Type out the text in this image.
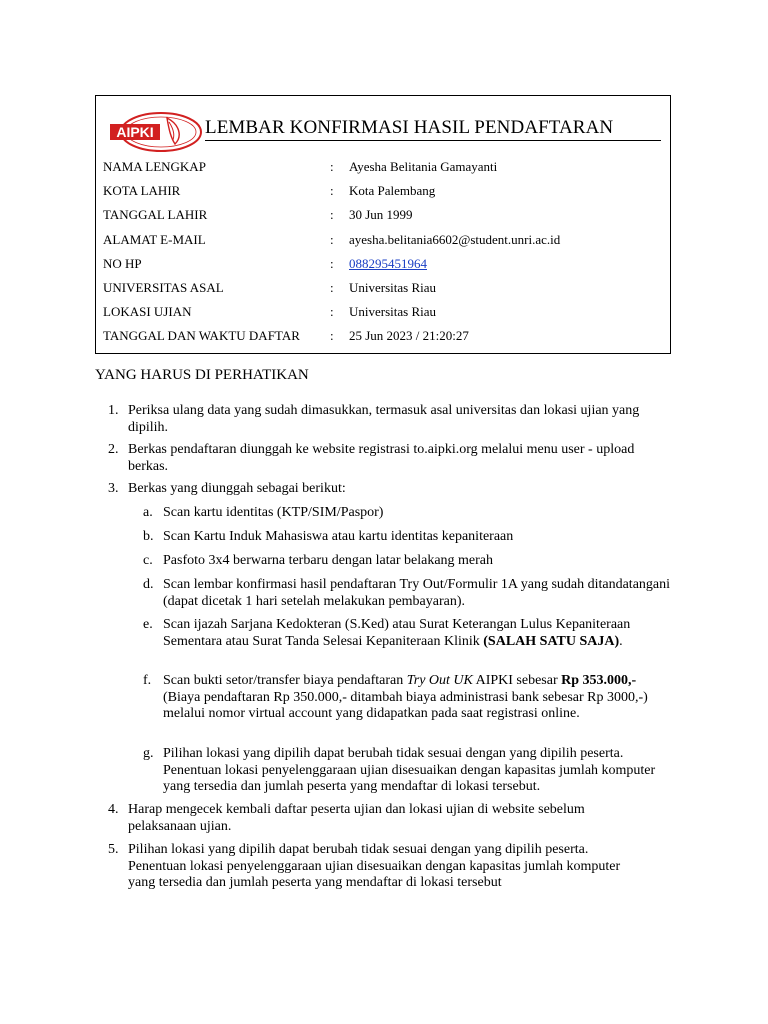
AIPKI	LEMBAR KONFIRMASI HASIL PENDAFTARAN
NAMA LENGKAP	: Ayesha Belitania Gamayanti
KOTA LAHIR	: Kota Palembang
TANGGAL LAHIR	: 30 Jun 1999
ALAMAT E-MAIL	: ayesha.belitania6602@student.unri.ac.id
NO HP	: 088295451964
UNIVERSITAS ASAL	: Universitas Riau
LOKASI UJIAN	: Universitas Riau
TANGGAL DAN WAKTU DAFTAR : 25 Jun 2023 / 21:20:27
YANG HARUS DI PERHATIKAN
1. Periksa ulang data yang sudah dimasukkan, termasuk asal universitas dan lokasi ujian yang dipilih.
2. Berkas pendaftaran diunggah ke website registrasi to.aipki.org melalui menu user - upload berkas.
3. Berkas yang diunggah sebagai berikut:
a. Scan kartu identitas (KTP/SIM/Paspor)
b. Scan Kartu Induk Mahasiswa atau kartu identitas kepaniteraan
c. Pasfoto 3x4 berwarna terbaru dengan latar belakang merah
d. Scan lembar konfirmasi hasil pendaftaran Try Out/Formulir 1A yang sudah ditandatangani (dapat dicetak 1 hari setelah melakukan pembayaran).
e. Scan ijazah Sarjana Kedokteran (S.Ked) atau Surat Keterangan Lulus Kepaniteraan Sementara atau Surat Tanda Selesai Kepaniteraan Klinik (SALAH SATU SAJA).
f. Scan bukti setor/transfer biaya pendaftaran Try Out UK AIPKI sebesar Rp 353.000,- (Biaya pendaftaran Rp 350.000,- ditambah biaya administrasi bank sebesar Rp 3000,-) melalui nomor virtual account yang didapatkan pada saat registrasi online.
g. Pilihan lokasi yang dipilih dapat berubah tidak sesuai dengan yang dipilih peserta. Penentuan lokasi penyelenggaraan ujian disesuaikan dengan kapasitas jumlah komputer yang tersedia dan jumlah peserta yang mendaftar di lokasi tersebut.
4. Harap mengecek kembali daftar peserta ujian dan lokasi ujian di website sebelum pelaksanaan ujian.
5. Pilihan lokasi yang dipilih dapat berubah tidak sesuai dengan yang dipilih peserta. Penentuan lokasi penyelenggaraan ujian disesuaikan dengan kapasitas jumlah komputer yang tersedia dan jumlah peserta yang mendaftar di lokasi tersebut
